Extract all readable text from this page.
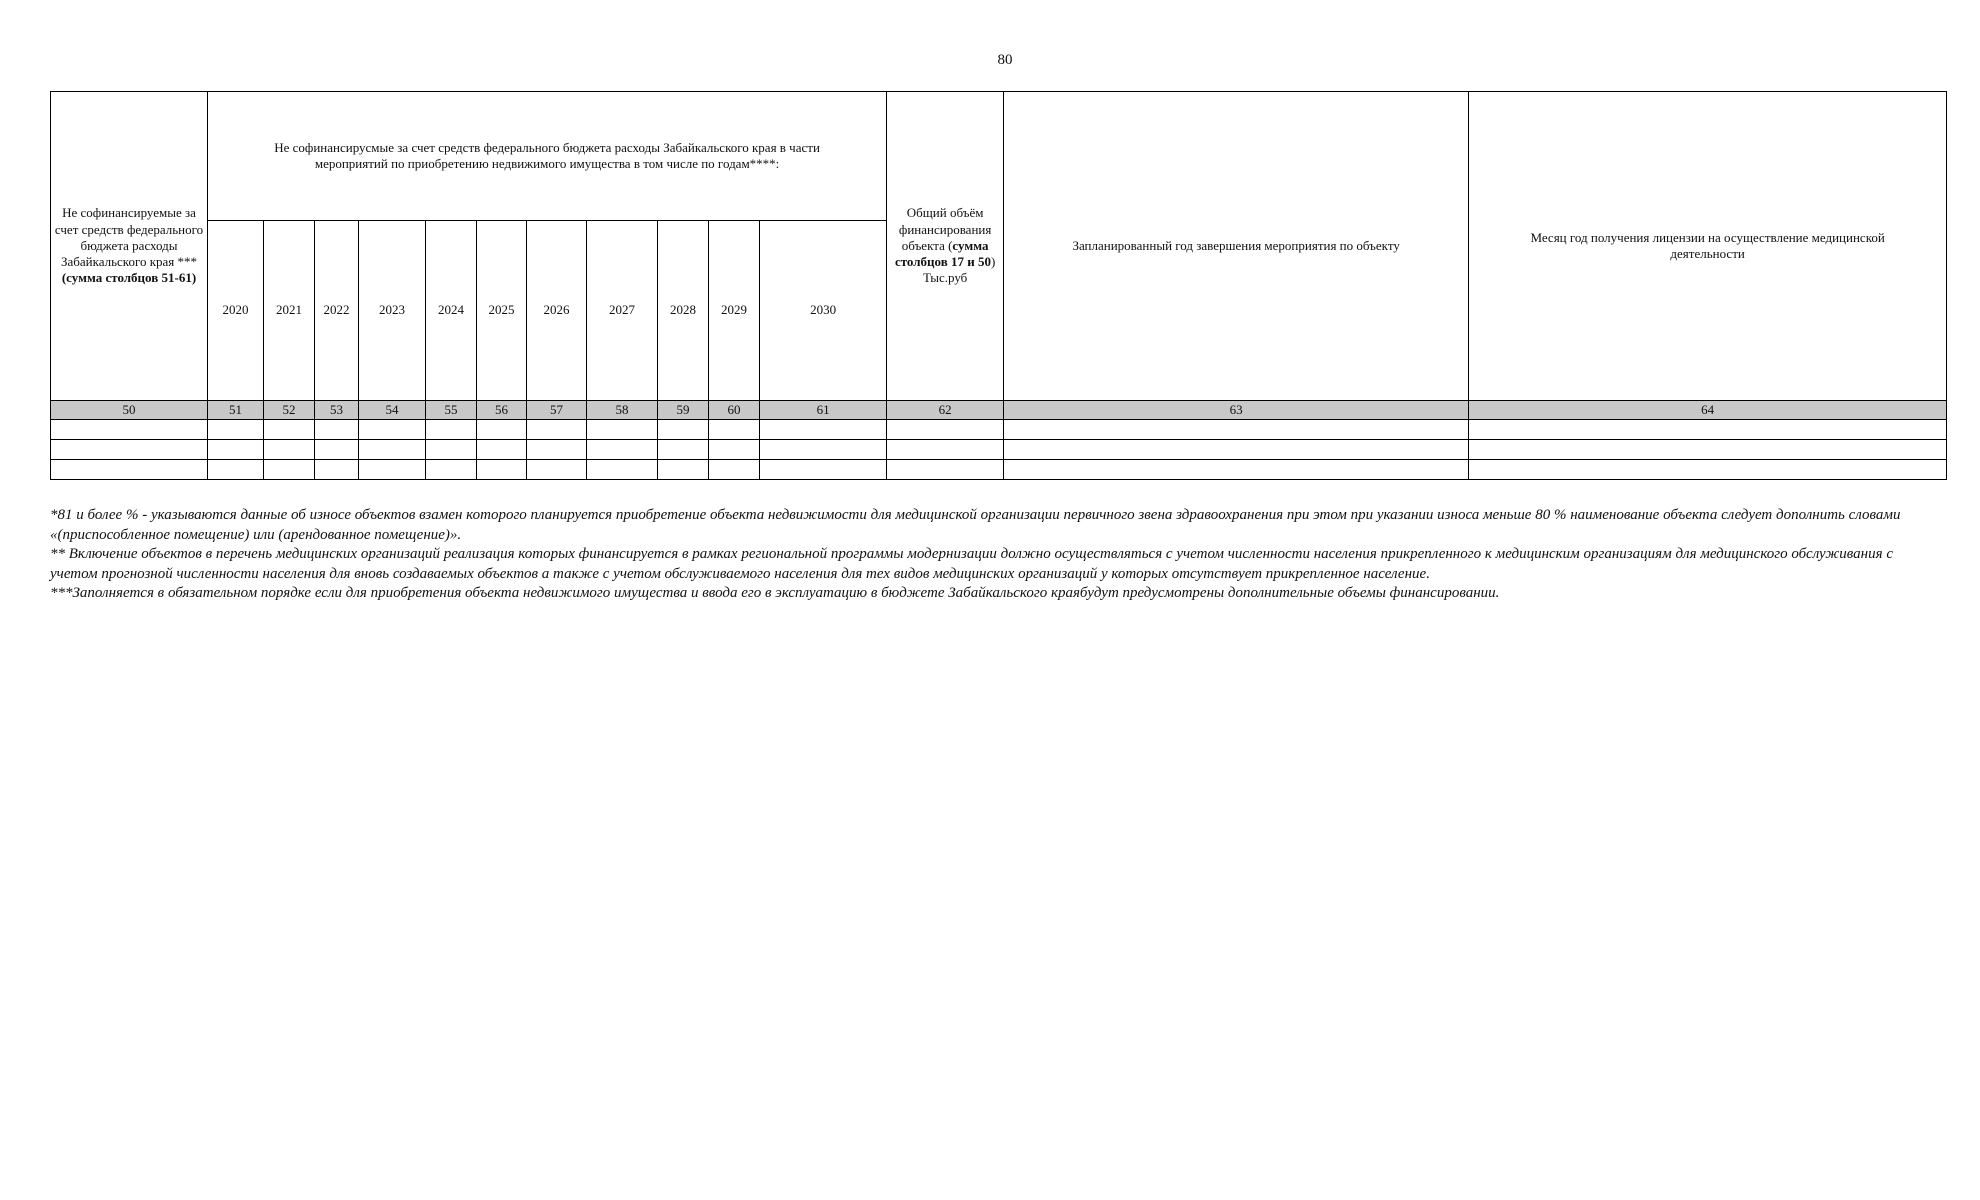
80
Не софинансируемые за счет средств федерального бюджета расходы Забайкальского края *** (сумма столбцов 51-61)	Не софинансирусмые за счет средств федерального бюджета расходы Забайкальского края в части мероприятий по приобретению недвижимого имущества в том числе по годам****:											Общий объём финансирования объекта (сумма столбцов 17 и 50) Тыс.руб	Запланированный год завершения мероприятия по объекту	Месяц год получения лицензии на осуществление медицинской деятельности
	2020	2021	2022	2023	2024	2025	2026	2027	2028	2029	2030			
50	51	52	53	54	55	56	57	58	59	60	61	62	63	64

*81 и более % - указываются данные об износе объектов взамен которого планируется приобретение объекта недвижимости для медицинской организации первичного звена здравоохранения при этом при указании износа меньше 80 % наименование объекта следует дополнить словами «(приспособленное помещение) или (арендованное помещение)».

** Включение объектов в перечень медицинских организаций реализация которых финансируется в рамках региональной программы модернизации должно осуществляться с учетом численности населения прикрепленного к медицинским организациям для медицинского обслуживания с учетом прогнозной численности населения для вновь создаваемых объектов а также с учетом обслуживаемого населения для тех видов медицинских организаций у которых отсутствует прикрепленное население.

***Заполняется в обязательном порядке если для приобретения объекта недвижимого имущества и ввода его в эксплуатацию в бюджете Забайкальского краябудут предусмотрены дополнительные объемы финансировании.
